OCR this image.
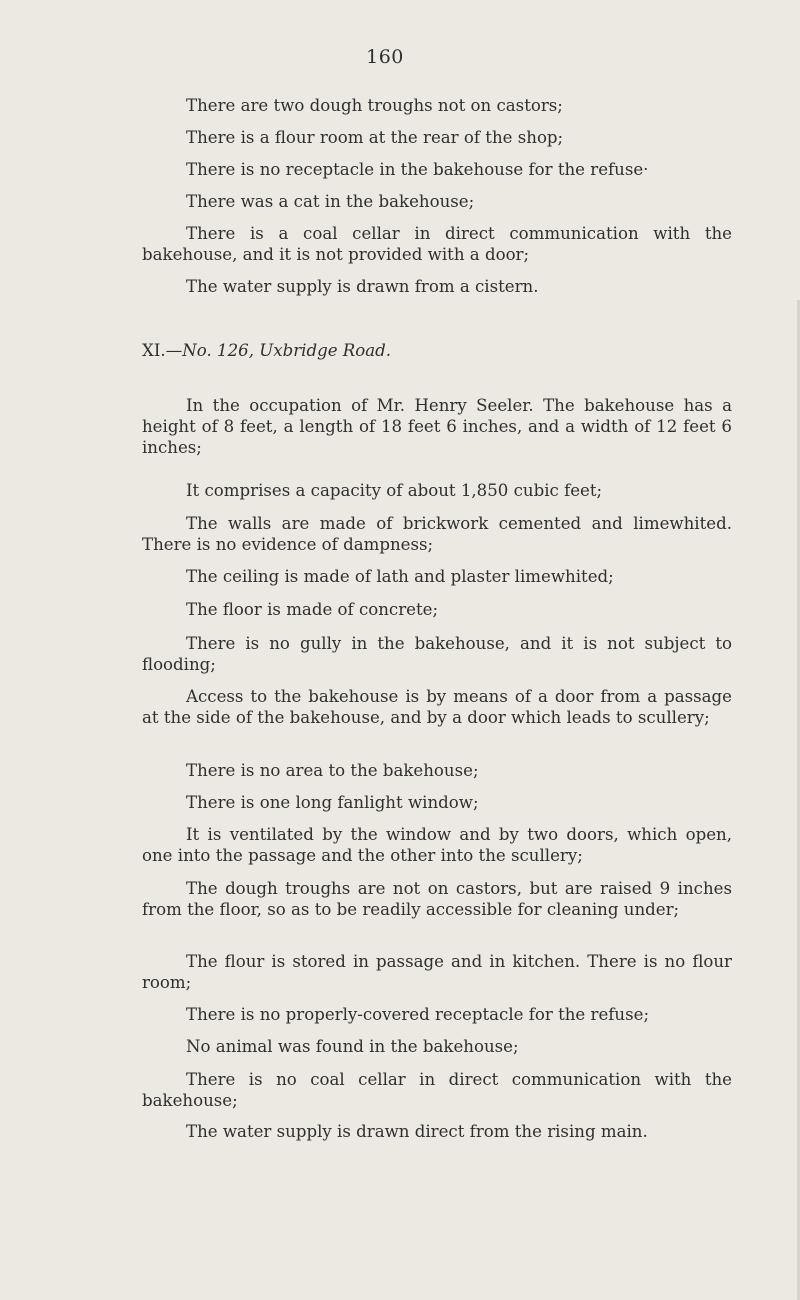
160

There are two dough troughs not on castors;

There is a flour room at the rear of the shop;

There is no receptacle in the bakehouse for the refuse·

There was a cat in the bakehouse;

There is a coal cellar in direct communication with the bakehouse, and it is not provided with a door;

The water supply is drawn from a cistern.

XI.—No. 126, Uxbridge Road.

In the occupation of Mr. Henry Seeler. The bakehouse has a height of 8 feet, a length of 18 feet 6 inches, and a width of 12 feet 6 inches;

It comprises a capacity of about 1,850 cubic feet;

The walls are made of brickwork cemented and limewhited. There is no evidence of dampness;

The ceiling is made of lath and plaster limewhited;

The floor is made of concrete;

There is no gully in the bakehouse, and it is not subject to flooding;

Access to the bakehouse is by means of a door from a passage at the side of the bakehouse, and by a door which leads to scullery;

There is no area to the bakehouse;

There is one long fanlight window;

It is ventilated by the window and by two doors, which open, one into the passage and the other into the scullery;

The dough troughs are not on castors, but are raised 9 inches from the floor, so as to be readily accessible for cleaning under;

The flour is stored in passage and in kitchen. There is no flour room;

There is no properly-covered receptacle for the refuse;

No animal was found in the bakehouse;

There is no coal cellar in direct communication with the bakehouse;

The water supply is drawn direct from the rising main.
